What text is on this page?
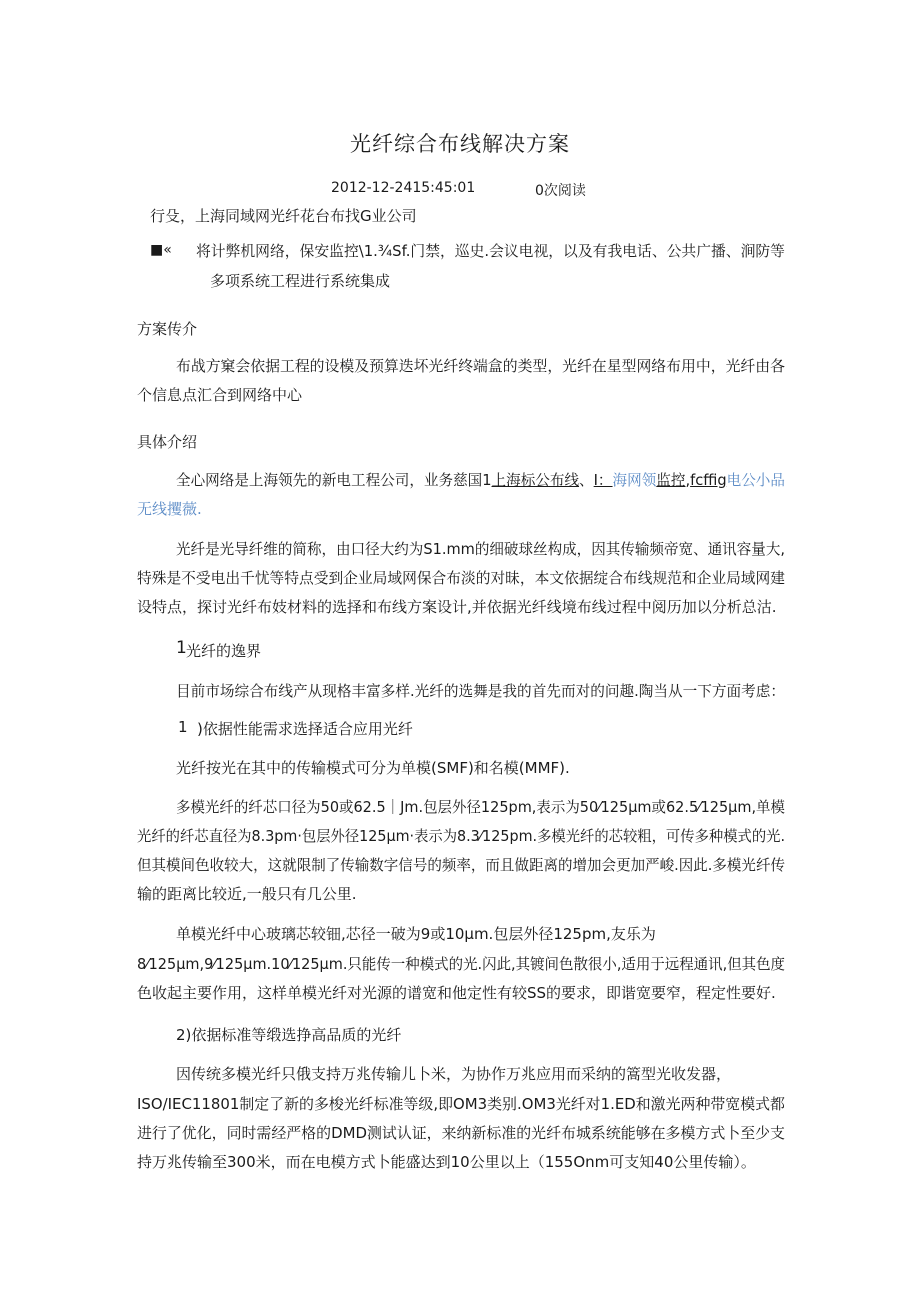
光纤综合布线解决方案
2012-12-2415:45:01	0次阅读
行殳，上海同域网光纤花台布找G业公司
■« 将计弊机网络，保安监控\1.¾Sf.门禁，巡史.会议电视，以及有我电话、公共广播、涧防等
多项系统工程进行系统集成
方案传介
布战方窠会依据工程的设模及预算迭坏光纤终端盒的类型，光纤在星型网络布用中，光纤由各
个信息点汇合到网络中心
具体介绍
全心网络是上海领先的新电工程公司，业务慈国1上海标公布线、I：海网领监控,fcffig电公小品
无线攫薇.
光纤是光导纤维的简称，由口径大约为S1.mm的细破球丝构成，因其传输频帝宽、通讯容量大,
特殊是不受电出千忧等特点受到企业局域网保合布淡的对昧，本文依据绽合布线规范和企业局域网建
设特点，探讨光纤布妓材料的选择和布线方案设计,并依据光纤线境布线过程中阅历加以分析总沽.
1 光纤的逸界
目前市场综合布线产从现格丰富多样.光纤的选舞是我的首先而对的问趣.陶当从一下方面考虑：
1 )依据性能需求选择适合应用光纤
光纤按光在其中的传输模式可分为单模(SMF)和名模(MMF).
多模光纤的纤芯口径为50或62.5｜Jm.包层外径125pm,表示为50⁄125µm或62.5⁄125µm,单模
光纤的纤芯直径为8.3pm·包层外径125µm·表示为8.3⁄125pm.多模光纤的芯较粗，可传多种模式的光.
但其模间色收较大，这就限制了传输数字信号的频率，而且做距离的增加会更加严峻.因此.多模光纤传
输的距离比较近,一般只有几公里.
单模光纤中心玻璃芯较钿,芯径一破为9或10µm.包层外径125pm,友乐为
8⁄125µm,9⁄125µm.10⁄125µm.只能传一种模式的光.闪此,其镀间色散很小,适用于远程通讯,但其色度
色收起主要作用，这样单模光纤对光源的谱宽和他定性有较SS的要求，即谐宽要窄，程定性要好.
2)依据标准等缎选挣高品质的光纤
因传统多模光纤只俄支持万兆传输儿卜米，为协作万兆应用而采纳的篙型光收发器，
ISO/IEC11801制定了新的多梭光纤标准等级,即OM3类别.OM3光纤对1.ED和激光两种带宽模式都
进行了优化，同时需经严格的DMD测试认证，来纳新标准的光纤布城系统能够在多模方式卜至少支
持万兆传输至300米，而在电模方式卜能盛达到10公里以上（155Onm可支知40公里传输）。
